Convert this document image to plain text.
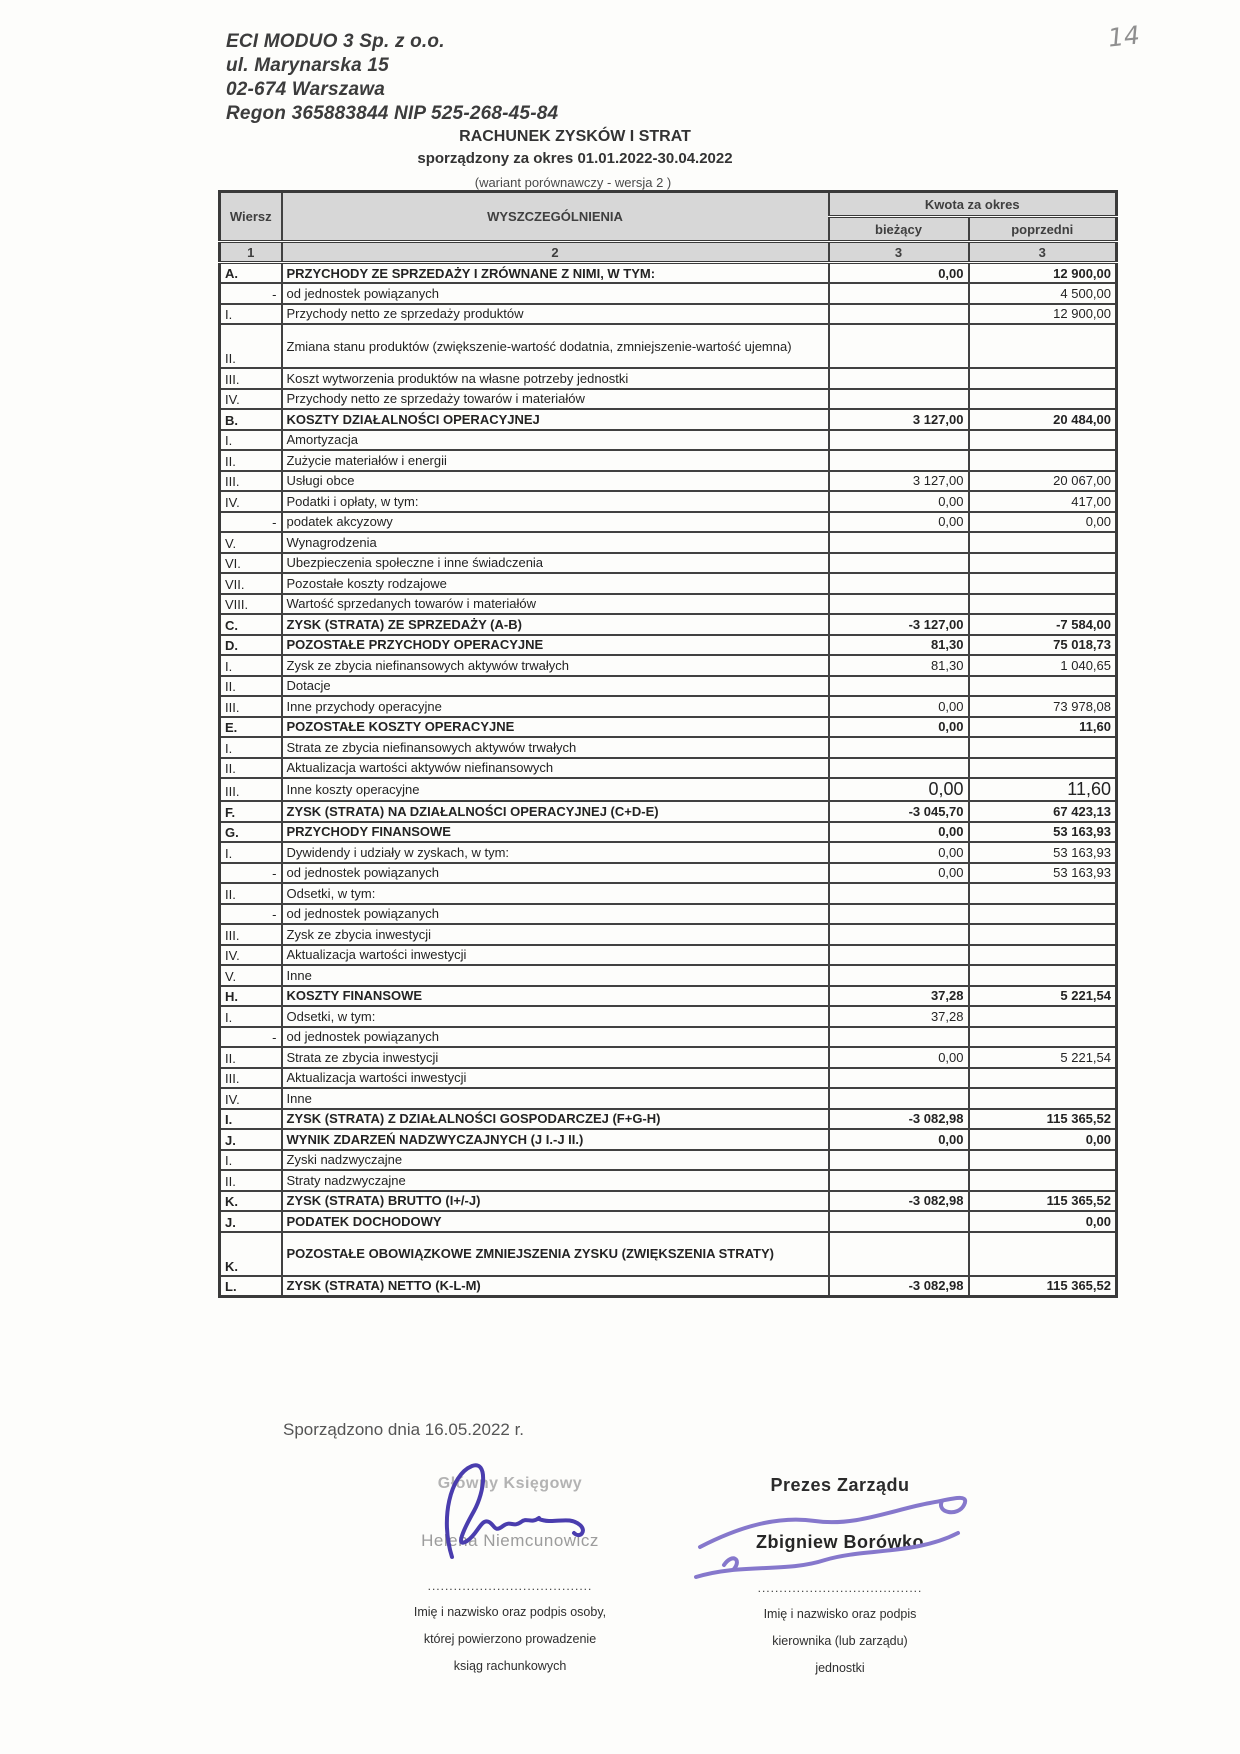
14
ECI MODUO 3 Sp. z o.o.
ul. Marynarska 15
02-674 Warszawa
Regon 365883844 NIP 525-268-45-84
RACHUNEK ZYSKÓW I STRAT
sporządzony za okres 01.01.2022-30.04.2022
(wariant porównawczy - wersja 2 )
Wiersz	WYSZCZEGÓLNIENIA	Kwota za okres	
		bieżący	poprzedni
1	2	3	3
A.	PRZYCHODY ZE SPRZEDAŻY I ZRÓWNANE Z NIMI, W TYM:	0,00	12 900,00
-	od jednostek powiązanych		4 500,00
I.	Przychody netto ze sprzedaży produktów		12 900,00
II.	Zmiana stanu produktów (zwiększenie-wartość dodatnia, zmniejszenie-wartość ujemna)		
III.	Koszt wytworzenia produktów na własne potrzeby jednostki		
IV.	Przychody netto ze sprzedaży towarów i materiałów		
B.	KOSZTY DZIAŁALNOŚCI OPERACYJNEJ	3 127,00	20 484,00
I.	Amortyzacja		
II.	Zużycie materiałów i energii		
III.	Usługi obce	3 127,00	20 067,00
IV.	Podatki i opłaty, w tym:	0,00	417,00
-	podatek akcyzowy	0,00	0,00
V.	Wynagrodzenia		
VI.	Ubezpieczenia społeczne i inne świadczenia		
VII.	Pozostałe koszty rodzajowe		
VIII.	Wartość sprzedanych towarów i materiałów		
C.	ZYSK (STRATA) ZE SPRZEDAŻY (A-B)	-3 127,00	-7 584,00
D.	POZOSTAŁE PRZYCHODY OPERACYJNE	81,30	75 018,73
I.	Zysk ze zbycia niefinansowych aktywów trwałych	81,30	1 040,65
II.	Dotacje		
III.	Inne przychody operacyjne	0,00	73 978,08
E.	POZOSTAŁE KOSZTY OPERACYJNE	0,00	11,60
I.	Strata ze zbycia niefinansowych aktywów trwałych		
II.	Aktualizacja wartości aktywów niefinansowych		
III.	Inne koszty operacyjne	0,00	11,60
F.	ZYSK (STRATA) NA DZIAŁALNOŚCI OPERACYJNEJ (C+D-E)	-3 045,70	67 423,13
G.	PRZYCHODY FINANSOWE	0,00	53 163,93
I.	Dywidendy i udziały w zyskach, w tym:	0,00	53 163,93
-	od jednostek powiązanych	0,00	53 163,93
II.	Odsetki, w tym:		
-	od jednostek powiązanych		
III.	Zysk ze zbycia inwestycji		
IV.	Aktualizacja wartości inwestycji		
V.	Inne		
H.	KOSZTY FINANSOWE	37,28	5 221,54
I.	Odsetki, w tym:	37,28	
-	od jednostek powiązanych		
II.	Strata ze zbycia inwestycji	0,00	5 221,54
III.	Aktualizacja wartości inwestycji		
IV.	Inne		
I.	ZYSK (STRATA) Z DZIAŁALNOŚCI GOSPODARCZEJ (F+G-H)	-3 082,98	115 365,52
J.	WYNIK ZDARZEŃ NADZWYCZAJNYCH (J I.-J II.)	0,00	0,00
I.	Zyski nadzwyczajne		
II.	Straty nadzwyczajne		
K.	ZYSK (STRATA) BRUTTO (I+/-J)	-3 082,98	115 365,52
J.	PODATEK DOCHODOWY		0,00
K.	POZOSTAŁE OBOWIĄZKOWE ZMNIEJSZENIA ZYSKU (ZWIĘKSZENIA STRATY)		
L.	ZYSK (STRATA) NETTO (K-L-M)	-3 082,98	115 365,52
Sporządzono dnia 16.05.2022 r.
Główny Księgowy
Helena Niemcunowicz
......................................
Imię i nazwisko oraz podpis osoby,
której powierzono prowadzenie
ksiąg rachunkowych
Prezes Zarządu
Zbigniew Borówko
......................................
Imię i nazwisko oraz podpis
kierownika (lub zarządu)
jednostki
